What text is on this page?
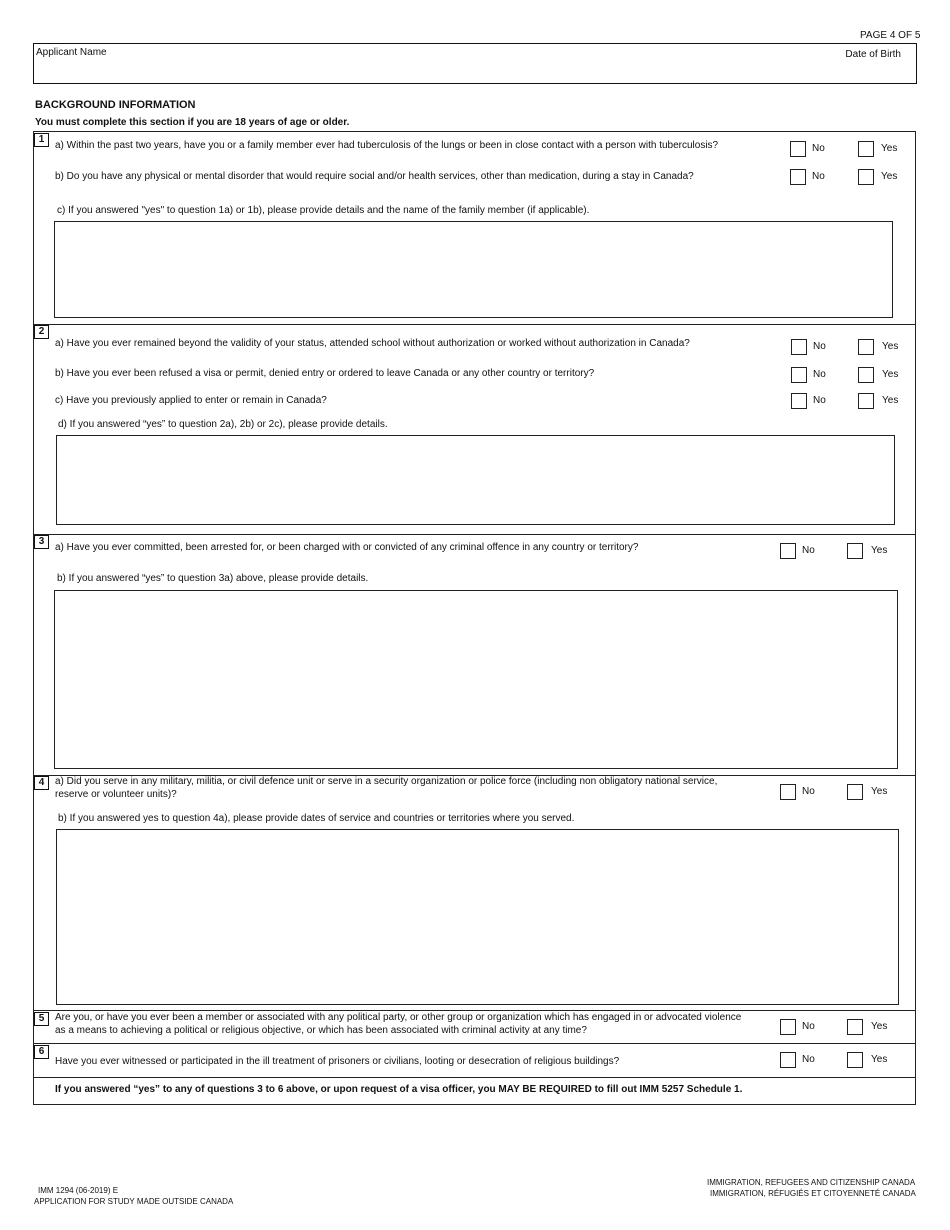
PAGE 4 OF 5
Applicant Name	Date of Birth
BACKGROUND INFORMATION
You must complete this section if you are 18 years of age or older.
1
a) Within the past two years, have you or a family member ever had tuberculosis of the lungs or been in close contact with a person with tuberculosis?	No	Yes
b) Do you have any physical or mental disorder that would require social and/or health services, other than medication, during a stay in Canada?	No	Yes
c) If you answered "yes" to question 1a) or 1b), please provide details and the name of the family member (if applicable).
2
a) Have you ever remained beyond the validity of your status, attended school without authorization or worked without authorization in Canada?	No	Yes
b) Have you ever been refused a visa or permit, denied entry or ordered to leave Canada or any other country or territory?	No	Yes
c) Have you previously applied to enter or remain in Canada?	No	Yes
d) If you answered “yes” to question 2a), 2b) or 2c), please provide details.
3
a) Have you ever committed, been arrested for, or been charged with or convicted of any criminal offence in any country or territory?	No	Yes
b) If you answered “yes” to question 3a) above, please provide details.
4	a) Did you serve in any military, militia, or civil defence unit or serve in a security organization or police force (including non obligatory national service,
reserve or volunteer units)?	No	Yes
b) If you answered yes to question 4a), please provide dates of service and countries or territories where you served.
5	Are you, or have you ever been a member or associated with any political party, or other group or organization which has engaged in or advocated violence
as a means to achieving a political or religious objective, or which has been associated with criminal activity at any time?	No	Yes
6
Have you ever witnessed or participated in the ill treatment of prisoners or civilians, looting or desecration of religious buildings?	No	Yes
If you answered “yes” to any of questions 3 to 6 above, or upon request of a visa officer, you MAY BE REQUIRED to fill out IMM 5257 Schedule 1.
IMM 1294 (06-2019) E
APPLICATION FOR STUDY MADE OUTSIDE CANADA
IMMIGRATION, REFUGEES AND CITIZENSHIP CANADA
IMMIGRATION, RÉFUGIÉS ET CITOYENNETÉ CANADA
